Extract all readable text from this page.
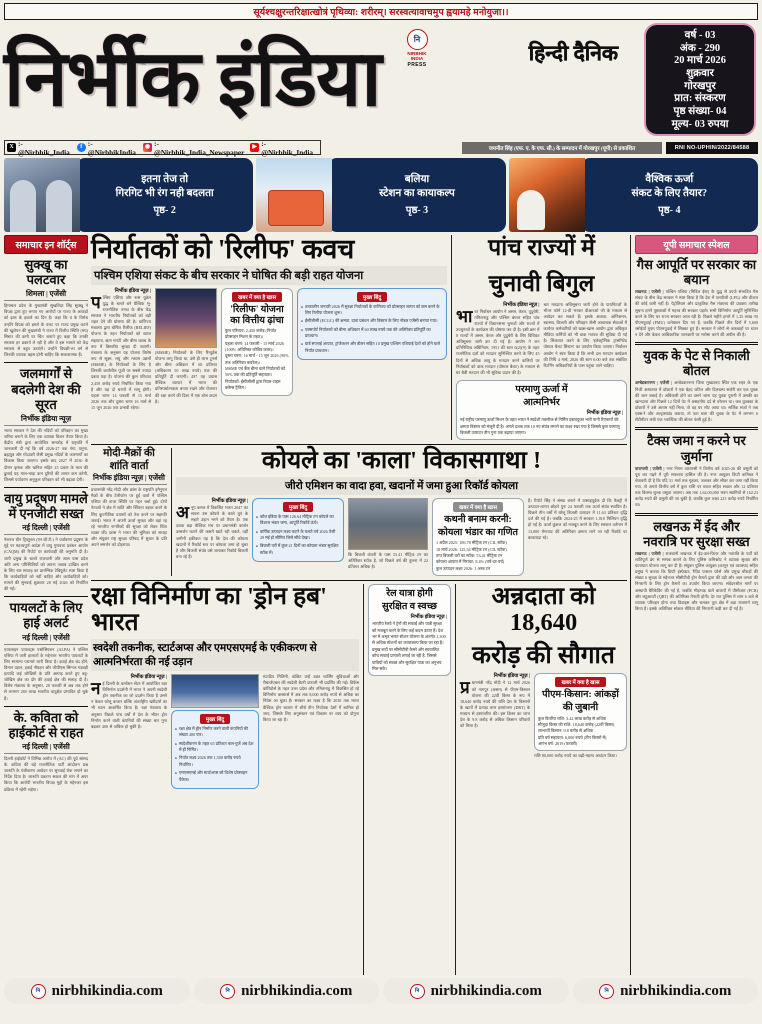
सूर्यश्चक्षुरन्तरिक्षात्खोत्रं पृथिव्या: शरीरम्। सरस्वत्यावाचमुप ह्वयामहे मनोयुजा।।
निर्भीक इंडिया	नि
NIRBHIK INDIA
PRESS	हिन्दी दैनिक
वर्ष - 03
अंक - 290
20 मार्च 2026
शुक्रवार
गोरखपुर
प्रात: संस्करण
पृष्ठ संख्या- 04
मूल्य- 03 रुपया
X :- @Nirbhik_India
f :- @NirbhikIndia
◉ :- @Nirbhik_India_Newspaper
▶ :- @Nirbhik_India	जयनीत सिंह (एफ. ए. के एफ. सी.) के सम्पादन में गोरखपुर (यूपी) से प्रकाशित	RNI NO-UPHIN/2022/84588
इतना तेज तो
गिरगिट भी रंग नही बदलता
पृष्ठ- 2
बलिया
स्टेशन का कायाकल्प
पृष्ठ- 3
वैश्विक ऊर्जा
संकट के लिए तैयार?
पृष्ठ- 4
समाचार इन शॉर्ट्स
सुक्खू का पलटवार
शिमला | एजेंसी
हिमाचल प्रदेश के मुख्यमंत्री सुखविंदर सिंह सुक्खू ने विपक्ष द्वारा हुए लगाए गए आरोपों पर राज्य के आंकड़ों को ढ़ाल के हवाले का दिन है। कहा कि व के विरोध उन्होंने विपक्ष को हमले के पलट पर राज्य प्रमुख कटने की खुलेपन की मुख्यमंत्री ने राज्य में वित्तीय स्थिति (मप) सिस्टर की कमी पर चिंत जताते हुए कहा कि उनकी सरकार हर प्रकार्य ले रही है और वे इस मामले को केंद्र सरकार से बहुत उठाएंगे। उन्होंने विपक्षी-ला वर्ग से जिनकी व्यापक बहस होनी चाहिए कि सकारात्मक हैं।
जलमार्गों से बदलेगी देश की सूरत
निर्भीक इंडिया न्यूज़
भारत सरकार ने देश की नदियों को परिवहन का मुख्य जरिया बनाने के लिए एक व्यापक विजन तैयार किया है। केंद्रीय मंत्री द्वारा आयोजित समारोह में राष्ट्रपति में जानकारी दी गई कि वर्ष 2026-27 तक गंगा, यमुना, ब्रह्मपुत्र और गोदावरी जैसी प्रमुख नदियों के जलमार्गों का विकास किया जाएगा। इसके बाद 2027 में 2030 के दौरान कृषक और खनिज सहित 25 प्रकार के माल की ढुलाई यह माल-भाड़ा कम दूरियों की लागत कम करेगी, जिससे पर्यावरण अनुकूल परिवहन को भी बढ़ावा देगी।
वायु प्रदूषण मामले में एनजीटी सख्त
नई दिल्ली | एजेंसी
नेशनल ग्रीन ट्रिब्यूनल (एन.जी.टी.) ने पर्यावरण प्रदूषण के मुद्दे पर महत्त्वपूर्ण आदेश में वायु गुणवत्ता प्रबंधन आयोग (CAQM) की रिपोर्ट पर कार्यवाही की अनुमति दी है। जारी प्रमुख के चलते राजधानी और आस पास प्रदेश अति अन्य परिस्थितियों को अपना जवाब दाखिल करने के लिए चार सप्ताह का प्रारम्भिक टेबियूलेट स्पष्ट किया है कि कार्यवाहियों को नहीं चाहिए और कार्यवाहियों को। मामले की सुनवाई शुक्रवार 28 मई 2026 को निर्धारित की गई।
पायलटों के लिए हाई अलर्ट
नई दिल्ली | एजेंसी
एयरलाइन पायलट्स एसोसिएशन (ALPA) ने पश्चिम एशिया में जारी हालातों के मद्देनजर भारतीय पायलटों के लिए सामान्य परामर्श जारी किया है। हवाई क्षेत्र बंद होने, विमान उड़ान, हवाई नौवहन और जीपीएस सिग्नल गड़बड़ी इत्यादि कई जोखिमों के प्रति आगाह करते हुए बहु-जोखिम क्षेत्र का दौर की हवाई क्षेत्र की सलाह दी है। विशेष मंत्रालय के अनुसार, 28 फरवरी से अब तक होने से लगभग 280 लाख भारतीय वायुक्षेत्र प्रभावित हो चुके हैं।
के. कविता को हाईकोर्ट से राहत
नई दिल्ली | एजेंसी
दिल्ली हाईकोर्ट ने विभिन्न आरोप में (AC) की पूर्व सांसद के. कविता की बड़े राजनीतिक पार्टी आंदोलन प्रश्न जारूति के पंजीकरण आवेदन पर सुनवाई रोक लगाने का निर्देश दिया है। जारूति प्रकरण सकल की मांग में अपर किया कि आरोपी भारतीय विपक्ष मुद्दों के मद्देनजर इस प्रक्रिया में रहेगी लड़ेगा।
निर्यातकों को 'रिलीफ' कवच
पश्चिम एशिया संकट के बीच सरकार ने घोषित की बड़ी राहत योजना
निर्भीक इंडिया न्यूज़ |
पश्चिम एशिया और रूस यूक्रेन युद्ध के चलते बने वैश्विक भू-राजनीतिक तनाव के बीच केंद्र सरकार ने भारतीय निर्यातकों को बड़ी राहत देने की घोषणा की है। वाणिज्य मंत्रालय द्वारा घोषित रिलीफ (RELIEF) योजना के तहत निर्यातकों को ब्याज सहायता, ऋण गारंटी और बीमा कवच के रूप में त्रिस्तरीय सुरक्षा दी जाएगी। मंत्रालय के अनुसार यह योजना विशेष रूप से सूक्ष्म, लघु और मध्यम उद्यमों (MSME) के निर्यातकों के लिए है जिनकी कार्यशील पूंजी पर सबसे ज्यादा दबाव पड़ा है। योजना की कुल परिव्यय 2,450 करोड़ रुपये निर्धारित किया गया है और यह दो चरणों में लागू होगी। पहला चरण 14 फरवरी से 15 मार्च 2026 तक और दूसरा चरण 16 मार्च से 15 जून 2026 तक प्रभावी रहेगा।
(MSME) निर्यातकों के लिए रिन्यूडेंस योजना लागू किया था, उसे ही लाभ टूनर्स और बीमा अधिकार में 60 प्रतिशत (अधिकतम 50 लाख रुपये) तक की प्रतिपूर्ति दी जाएगी। 497 यह प्रयास वैश्विक व्यापार में भारत की प्रतिस्पर्धात्मकता बनाए रखने और रोजगार की रक्षा करने की दिशा में एक ठोस कदम है।
खबर में क्या है खास
'रिलीफ' योजना का वित्तीय ढ़ांचा
कुल परिव्यय: 2,450 करोड़ (निर्यात प्रोत्साहन मिशन के तहत)।
पहला चरण: 14 फरवरी - 15 मार्च 2026 (100% अतिरिक्त कोविड कवर)।
दूसरा चरण: 16 मार्च - 15 जून 2026 (90% तक अतिरिक्त कवरेज)।
MSME एवं बैंक बीमा वाले निर्यातकों को 50% तक की प्रतिपूर्ति सहायता।
निर्यातकों: ईसीजीसी द्वारा रियल-टाइम क्लेम्स ट्रैकिंग।
मुख्य बिंदु
● तत्कालीन जनवरी 2026 में सुरक्षा निर्यातकों के वाणिज्य को प्रोत्साहन लागत को कम करने के लिए रिलीफ योजना शुरू।
● ईसीजीसी (ECGC) की क्षमता, दावा प्रबंधन और विस्तार के लिए नोडल एजेंसी बनाया गया।
● एक्सपोर्ट निर्यातकों को बीमा अधिकार में 60 लाख रुपये तक की अतिरिक्त प्रतिपूर्ति का प्रावधान।
● ग्रार्ड सप्लाई आयात, ट्रांजेक्शन और डीलर सहित 10 प्रमुख पश्चिम एशियाई देशों को होने वाले निर्यात प्रावधान।
पांच राज्यों में
चुनावी बिगुल
निर्भीक इंडिया न्यूज़ |
भारत निर्वाचन आयोग ने असम, केरल, पुदुचेरी, तमिलनाडु और पश्चिम बंगाल सहित पांच राज्यों में विधानसभा चुनावों और राज्यों में उपचुनावों के कार्यक्रम की घोषणा कर दी है। इसी क्रम में 8 राज्यों में असम, केरल और पुदुचेरी के लिए विधिवत अधिसूचना जारी कर दी गई है। आयोग ने जन प्रतिनिधित्व अधिनियम, 1951 की धारा 6(2)(ग) के तहत राजनैतिक दलों को मतदान सुनिश्चित करने के लिए 45 दिनों से अधिक आयु के मतदान करने वालियों पर निर्वाचकों को डाक मतदान (पोस्टल बैलट) के माध्यम से घर बैठी मतदान की भी सुविधा प्रदान की है।
चार मतदाता अधिसूचना जारी होने के पायनिटजों के भीतर फॉर्म 12-डी भरकर वीआरओ जी के माध्यम से आवेदन कर सकते हैं। इसके अलावा, अग्निशमन, स्वास्थ्य, बिजली और परिवहन जैसी आवश्यक सेवाओं में कार्यरत कर्मचारियों को खास-खास आयोग द्वारा अधिकृत मीडिया कर्मियों को भी डाक मतपत्र की सुविधा दी गई है। शिकायत करने के लिए 'इलेक्ट्रॉनिक ट्रांसमिटेड पोस्टल बैलट सिस्टम' का उपयोग किया जाएगा। निर्वाचन आयोग ने स्पष्ट किया है कि सभी दल मतदान कार्यक्रम की तिथि 4 मार्च, 2026 की शाम 6:00 बजे तक संबंधित रिटर्निंग अधिकारियों के पास पहुंचा जाने चाहिए।
परमाणु ऊर्जा में
आत्मनिर्भर
निर्भीक इंडिया न्यूज़ |
नई राष्ट्रीय परमाणु ऊर्जा मिशन के तहत भारत ने स्वदेशी तकनीक से निर्मित दबावयुक्त भारी पानी रिएक्टरों की क्षमता विस्तार को मंजूरी दी है। अगले दशक तक 10 नए संयंत्र लगाने का लक्ष्य रखा गया है जिससे कुल परमाणु बिजली उत्पादन तीन गुना तक बढ़ाया जाएगा।
मोदी-मैक्रों की
शांति वार्ता
निर्भीक इंडिया न्यूज़ | एजेंसी
प्रधानमंत्री नरेंद्र मोदी और फ्रांस के राष्ट्रपति इमैनुएल मैक्रों के बीच टेलीफोन पर हुई वार्ता में पश्चिम एशिया की ताजा स्थिति पर गहन चर्चा हुई। दोनों नेताओं ने क्षेत्र में शांति और स्थिरता बहाल करने के लिए कूटनीतिक प्रयासों को तेज करने पर सहमति जताई। भारत ने अपनी ऊर्जा सुरक्षा और वहां रह रहे भारतीय नागरिकों की सुरक्षा को लेकर चिंता व्यक्त की। फ्रांस ने भारत की भूमिका को सराहा और संयुक्त राष्ट्र सुरक्षा परिषद में सुधार के प्रति अपने समर्थन को दोहराया।
कोयले का 'काला' विकासगाथा !
जीरो एमिशन का वादा हवा, खदानों में जमा हुआ रिकॉर्ड कोयला
निर्भीक इंडिया न्यूज़ |
अनूप कमल में विकसित भारत 2047 का सपना उस कोयले के काले धुएं के सहारे उड़ान भरने को तैयार है। एक दशक बड़ा वैश्विक मंच पर प्रधानमंत्री कार्बन उत्सर्जन घटाने की कसमें खाते रही थकते, वहीं जमीनी हकीकत यह है कि देश की कोयला खदानों में रिकॉर्ड स्तर पर कोयला जमा हो चुका है और बिजली संयंत्र उसे जलाकर रिकॉर्ड बिजली बना रहे हैं।
मुख्य बिंदु
● कोल इंडिया के पास 126.64 मीट्रिक टन कोयले का विशाल भंडार जमा, आपूर्ति रिकॉर्ड ऊंचे।
● वार्षिक उत्पादन लक्ष्य कटने के चलते वर्ष 2026 तेजी 29 मई हो सीमित जिसे सीधे देखा।
● बिजली घरों में कुल 21 दिनों का कोयला भंडार सुरक्षित स्टॉक में।	कि बिजली कंपनी के पास 53.41 मीट्रिक टन का अतिरिक्त स्टॉक है, जो पिछले वर्ष की तुलना में 22 प्रतिशत अधिक है।
खबर में क्या है खास
कथनी बनाम करनी:
कोयला भंडार का गणित
1 अप्रैल 2025: 106.78 मीट्रिक टन (CIL स्टॉक)
18 मार्च 2026: 125.54 मीट्रिक टन (CIL स्टॉक)
ताप बिजली घरों का स्टॉक: 53.41 मीट्रिक टन
कोयला आयात में गिरावट: 8.4% (वर्ष-दर-वर्ष)
कुल उत्पादन लक्ष्य 2026: 1 अरब टन
हैं। रिपोर्ट सिंह ने संस्था बनाने में उत्साहपूर्वक दी कि फैक्ट्री में उत्पादन-लागत छोड़ने पुनः 24 फरवरी तक ऊर्जा संयंत्र स्थापित है। पिछले तीन वर्षों में घरेलू बिजली उत्पादन में 11.63 प्रतिशत वृद्धि दर्ज की गई है। जबकि 2024-25 में सरकार 1,018 मिलियन वृद्धि हो गई है। ऊर्जा कुशल को मजबूत करने के लिए सरकार वर्तमान में 13,000 मेगावाट की अतिरिक्त क्षमता लाने जा रही रिकॉर्ड पर बाकायदा रहे।
रक्षा विनिर्माण का 'ड्रोन हब' भारत
स्वदेशी तकनीक, स्टार्टअप्स और एमएसएमई के एकीकरण से आत्मनिर्भरता की नई उड़ान
निर्भीक इंडिया न्यूज़ |
नई दिल्ली के कन्वेंशन सेंटर में आयोजित रक्षा विनिर्माण प्रदर्शनी में भारत ने अपनी स्वदेशी ड्रोन तकनीक का जो प्रदर्शन किया है उसने न केवल घरेलू बाजार बल्कि अंतर्राष्ट्रीय खरीदारों का भी ध्यान आकर्षित किया है। रक्षा मंत्रालय के अनुसार पिछले पांच वर्षों में देश के भीतर ड्रोन निर्माण करने वाली कंपनियों की संख्या चार गुना बढ़कर 400 से अधिक हो चुकी है।
मुख्य बिंदु
● रक्षा क्षेत्र में ड्रोन निर्माण करने वाली कंपनियों की संख्या 400 पार।
● स्वदेशीकरण के तहत 65 प्रतिशत कल-पुर्जे अब देश में ही निर्मित।
● निर्यात लक्ष्य 2026 तक 1,500 करोड़ रुपये निर्धारित।
● एमएसएमई और स्टार्टअप्स को विशेष प्रोत्साहन पैकेज।
मंटाडिप मिलिनी, वांछित उन्हें उन्नत चार्जिंग सुविधाओं और रीचार्जएबल की स्वदेशी बैटरी प्रणाली भी प्रदर्शित की गई। डिफेंस कॉरिडोर्स के तहत उत्तर प्रदेश और तमिलनाडु में विकसित हो रहे विनिर्माण क्लस्टर्स में अब तक 8,000 करोड़ रुपये से अधिक का निवेश आ चुका है। सरकार का लक्ष्य है कि 2030 तक भारत वैश्विक ड्रोन बाजार में शीर्ष तीन निर्यातक देशों में शामिल हो जाए, जिसके लिए अनुसंधान एवं विकास पर व्यय को दोगुना किया जा रहा है।
रेल यात्रा होगी
सुरक्षित व स्वच्छ
निर्भीक इंडिया न्यूज़ |
भारतीय रेलवे ने ट्रेनों की सफाई और यात्री सुरक्षा को मजबूत करने के लिए कई कदम उठाए हैं। देश भर में अमृत भारत स्टेशन योजना के अंतर्गत 1,300 से अधिक स्टेशनों का कायाकल्प किया जा रहा है। प्रमुख रूटों पर सीसीटीवी कैमरे और स्वचालित कोच सफाई प्रणाली लगाई जा रही है, जिससे यात्रियों को स्वच्छ और सुरक्षित यात्रा का अनुभव मिल सके।
अन्नदाता को 18,640
करोड़ की सौगात
निर्भीक इंडिया न्यूज़ |
प्रधानमंत्री नरेंद्र मोदी ने 12 मार्च 2026 को नागपुर (असम) से पीएम-किसान योजना की 22वीं किस्त के रूप में 18,640 करोड़ रुपये की राशि देश के किसानों के खातों में प्रत्यक्ष लाभ हस्तांतरण (DBT) के माध्यम से हस्तांतरित की। इस किस्त का लाभ देश के 9.8 करोड़ से अधिक किसान परिवारों को मिला है।
खबर में क्या है खास
पीएम-किसान: आंकड़ों
की जुबानी
कुल वितरित राशि: 3.42 लाख करोड़ से अधिक
मौजूदा किस्त की राशि: 18,640 करोड़ (22वीं किस्त)
लाभार्थी किसान: 9.8 करोड़ से अधिक
प्रति वर्ष सहायता: 6,000 रुपये (तीन किस्तों में)
आरंभ वर्ष: 2019 (फरवरी)
राशि 80,000 करोड़ रुपये का बढ़ी-महत्त्व आवंटन किया।
यूपी समाचार स्पेशल
गैस आपूर्ति पर सरकार का बयान
लखनऊ | एजेंसी | पश्चिम एशिया (मिडिल ईस्ट) के युद्ध से उपजे संभावित गैस संकट के बीच केंद्र सरकार ने स्पष्ट किया है कि देश में एलपीजी (LPG) और डीजल की कोई कमी नहीं है। पेट्रोलियम और प्राकृतिक गैस मंत्रालय की प्रवक्ता तारीख सूचना हमने पूछताछों में महत्त्व की सरकार पहले। सभी विनिर्माण आपूर्ति सुनिश्चित करने के लिए घर राज्य सरकार आज रही है। पिछले महीने हमारे में 1.25 लाख नए पीएमयूवाई (PMU) कनेक्शन दिए गए हैं, जबकि पिछले तीन दिनों में 5,600 रसोईयों मुफ्त पीएमयूवाई में सिक्का हुए हैं। सरकार ने लोगों से अफवाहों पर ध्यान न देने और केवल आधिकारिक जानकारी पर भरोसा करने की अपील की है।
युवक के पेट से निकाली बोतल
अम्बेडकरनगर | एजेंसी | अम्बेडकरनगर जिला मुख्यालय स्थित एक शहर के एक निजी अस्पताल में डॉक्टरों ने एक बेहद जटिल और दिलचस्प सर्जरी कर एक युवक की जान बचाई है। अधिकारी होने का उसने जाना यह युवक पुरानी में उसकी का खानदाना और पिछले 12 दिनों पेट में असहनीय दर्द से परेशान था। जब युवक्का के डॉक्टरों ने उसे आराम नहीं मिला, तो वह घर लौट आया था। सर्जिक सर्जा ने जब एक्स-रे और अल्ट्रासाउंड कराया, तो पता चला की युवक के पेट में लगभग 6 सेंटीमीटर लंबी एक प्लास्टिक की बोतल फंसी हुई है।
टैक्स जमा न करने पर जुर्माना
वाराणसी | एजेंसी | नगर निगम वाराणसी ने वित्तीय वर्ष 2025-26 की वसूली को पूरा कर गढ़ने में पूरी सफलता हासिल की है। नगर आयुक्त डिप्टी कमिश्नर ने चेतावनी दी है कि यदि 31 मार्च तक गृहकर, जलकर और सीवर कर जमा नहीं किया गया, तो अगले वित्तीय वर्ष में कुल राशि पर ब्याज सहित सवाल और 12 प्रतिशत तक विलम्ब शुल्क वसूला जाएगा। अब तक 1,62,00,000 भवन स्वामियों से 162.23 करोड़ रुपये की वसूली की जा चुकी है, जबकि कुल लक्ष्य 225 करोड़ रुपये निर्धारित था।
लखनऊ में ईद और नवरात्रि पर सुरक्षा सख्त
लखनऊ | एजेंसी | राजधानी लखनऊ में ईद-उल-फितर और नवरात्रि के पर्वों को शांतिपूर्ण ढंग से सम्पन्न कराने के लिए पुलिस कमिश्नरेट ने व्यापक सुरक्षा और यातायात योजना लागू कर दी है। संयुक्त पुलिस आयुक्त (कानून एवं व्यवस्था) सहित प्रमुख ने बताया कि डिप्टी इंस्पेक्टर, रैपिड एक्शन फोर्स और प्रमुख चौराहों की संख्या 6 सुरक्षा के मद्देनजर सीसीटीवी ड्रोन कैमरों द्वारा की उड़ी और आम जनता की निगरानी के लिए ड्रोन कैमरों का उपयोग किया जाएगा। संवेदनशील मार्गों पर अस्थायी बैरिकेडिंग की गई है, जबकि भीड़भाड़ वाले बाजारों में पीसीआर (PCR) और क्यूआरटी (QRT) की अतिरिक्त तैनाती होगी। देर रात पुलिस में शाम 6 बजे से व्यापक परिवहन होगा तथा डिवाइस और चलकर पूरा क्षेत्र में बड़ा राजमार्ग लागू किया है। इसके अतिरिक्त सोशल मीडिया की निगरानी कड़ी कर दी गई है।
नि nirbhikindia.com	नि nirbhikindia.com	नि nirbhikindia.com	नि nirbhikindia.com
